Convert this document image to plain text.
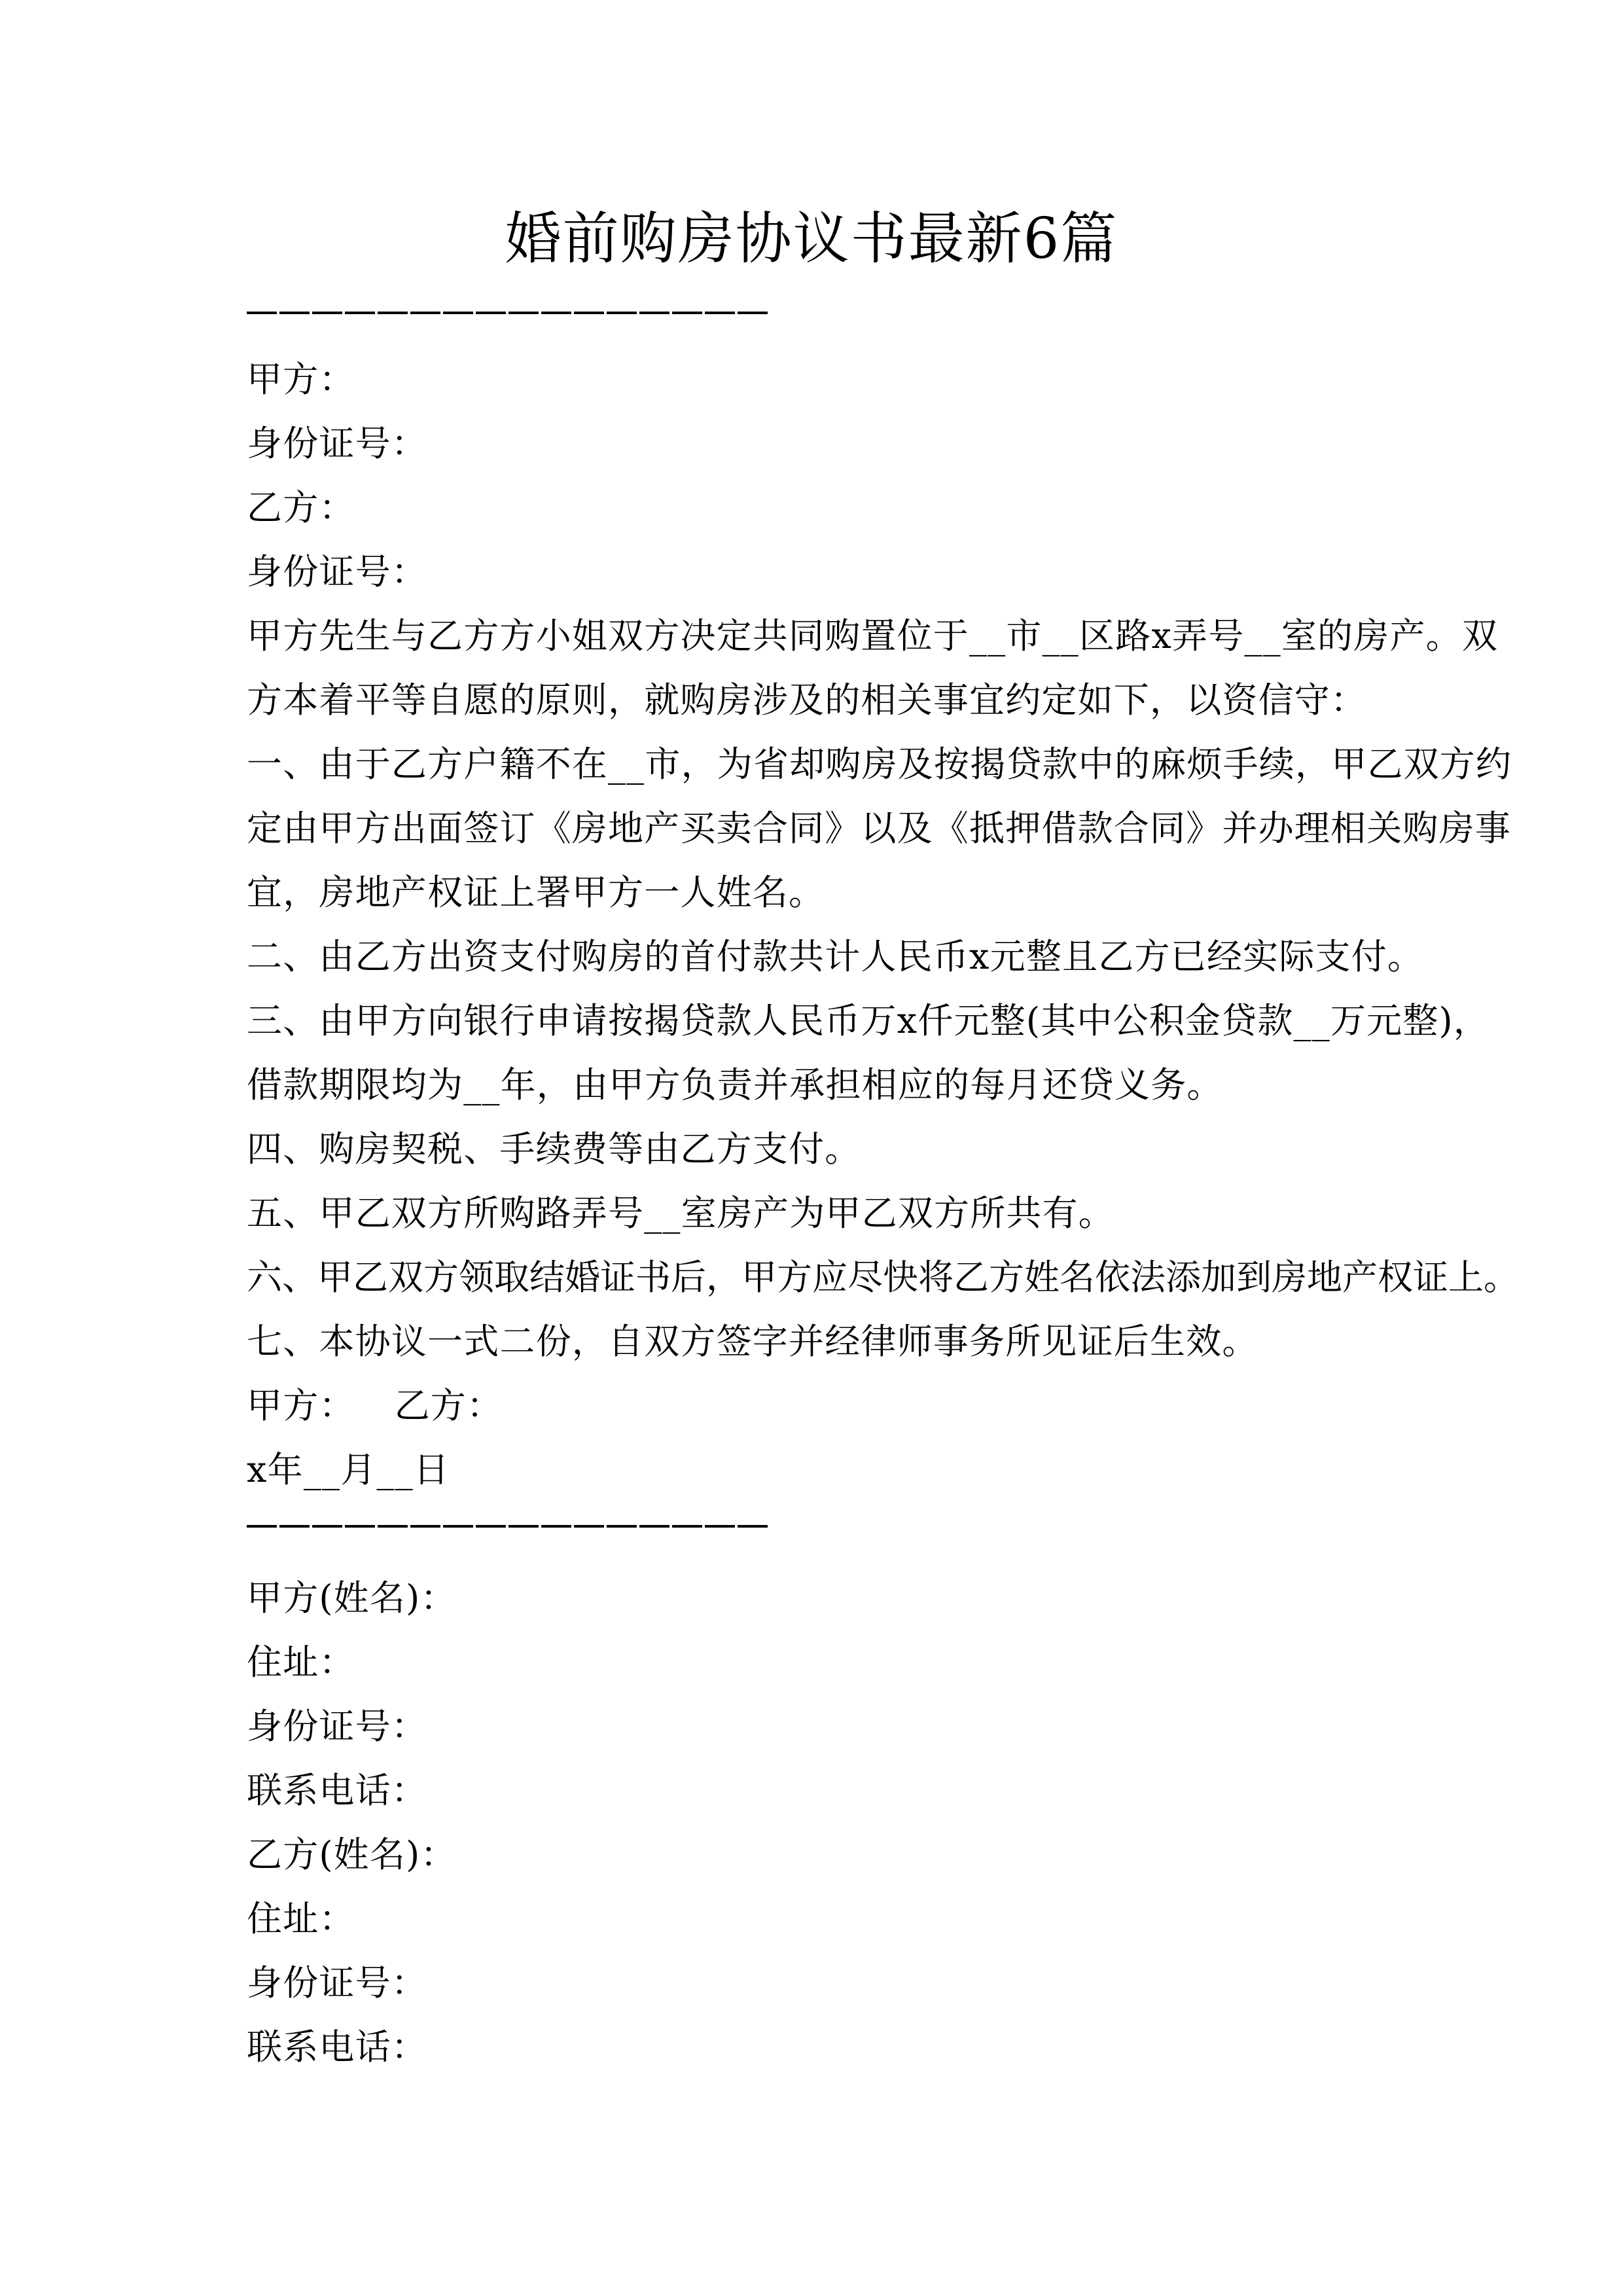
婚前购房协议书最新6篇
甲方：
身份证号：
乙方：
身份证号：
甲方先生与乙方方小姐双方决定共同购置位于__市__区路x弄号__室的房产。双
方本着平等自愿的原则，就购房涉及的相关事宜约定如下，以资信守：
一、由于乙方户籍不在__市，为省却购房及按揭贷款中的麻烦手续，甲乙双方约
定由甲方出面签订《房地产买卖合同》以及《抵押借款合同》并办理相关购房事
宜，房地产权证上署甲方一人姓名。
二、由乙方出资支付购房的首付款共计人民币x元整且乙方已经实际支付。
三、由甲方向银行申请按揭贷款人民币万x仟元整(其中公积金贷款__万元整)，
借款期限均为__年，由甲方负责并承担相应的每月还贷义务。
四、购房契税、手续费等由乙方支付。
五、甲乙双方所购路弄号__室房产为甲乙双方所共有。
六、甲乙双方领取结婚证书后，甲方应尽快将乙方姓名依法添加到房地产权证上。
七、本协议一式二份，自双方签字并经律师事务所见证后生效。
甲方： 乙方：
x年__月__日
甲方(姓名)：
住址：
身份证号：
联系电话：
乙方(姓名)：
住址：
身份证号：
联系电话：
